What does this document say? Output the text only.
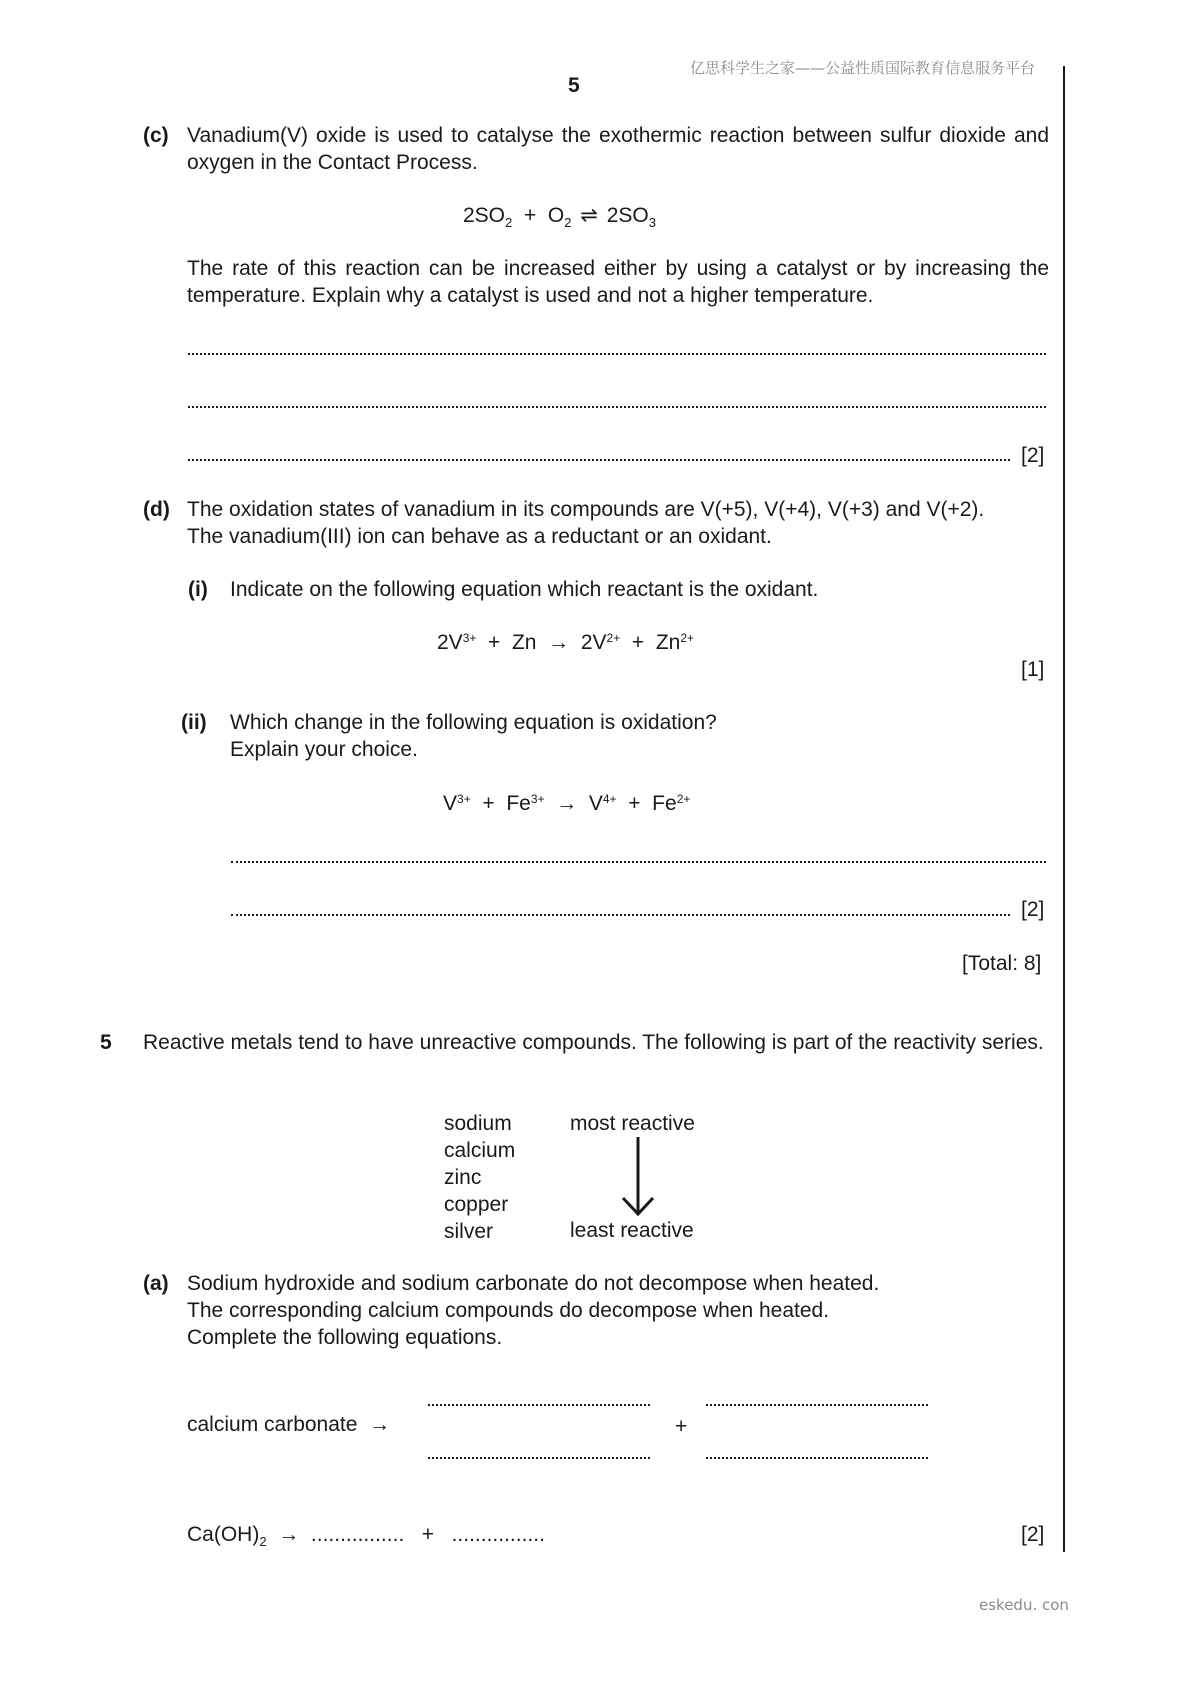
亿思科学生之家——公益性质国际教育信息服务平台
eskedu. con
5
(c) Vanadium(V) oxide is used to catalyse the exothermic reaction between sulfur dioxide and oxygen in the Contact Process.
$2SO_2 + O_2$ ⇌ $2SO_3$
The rate of this reaction can be increased either by using a catalyst or by increasing the temperature. Explain why a catalyst is used and not a higher temperature.
[2]
(d) The oxidation states of vanadium in its compounds are V(+5), V(+4), V(+3) and V(+2).
The vanadium(III) ion can behave as a reductant or an oxidant.
(i) Indicate on the following equation which reactant is the oxidant.
$2V^{3+} + Zn \to 2V^{2+} + Zn^{2+}$
[1]
(ii) Which change in the following equation is oxidation?
Explain your choice.
$V^{3+} + Fe^{3+} \to V^{4+} + Fe^{2+}$
[2]
[Total: 8]
5 Reactive metals tend to have unreactive compounds. The following is part of the reactivity series.
sodium
calcium
zinc
copper
silver
most reactive
least reactive
(a) Sodium hydroxide and sodium carbonate do not decompose when heated.
The corresponding calcium compounds do decompose when heated.
Complete the following equations.
calcium carbonate →	+
$Ca(OH)_2$ → ................ + ................	[2]
